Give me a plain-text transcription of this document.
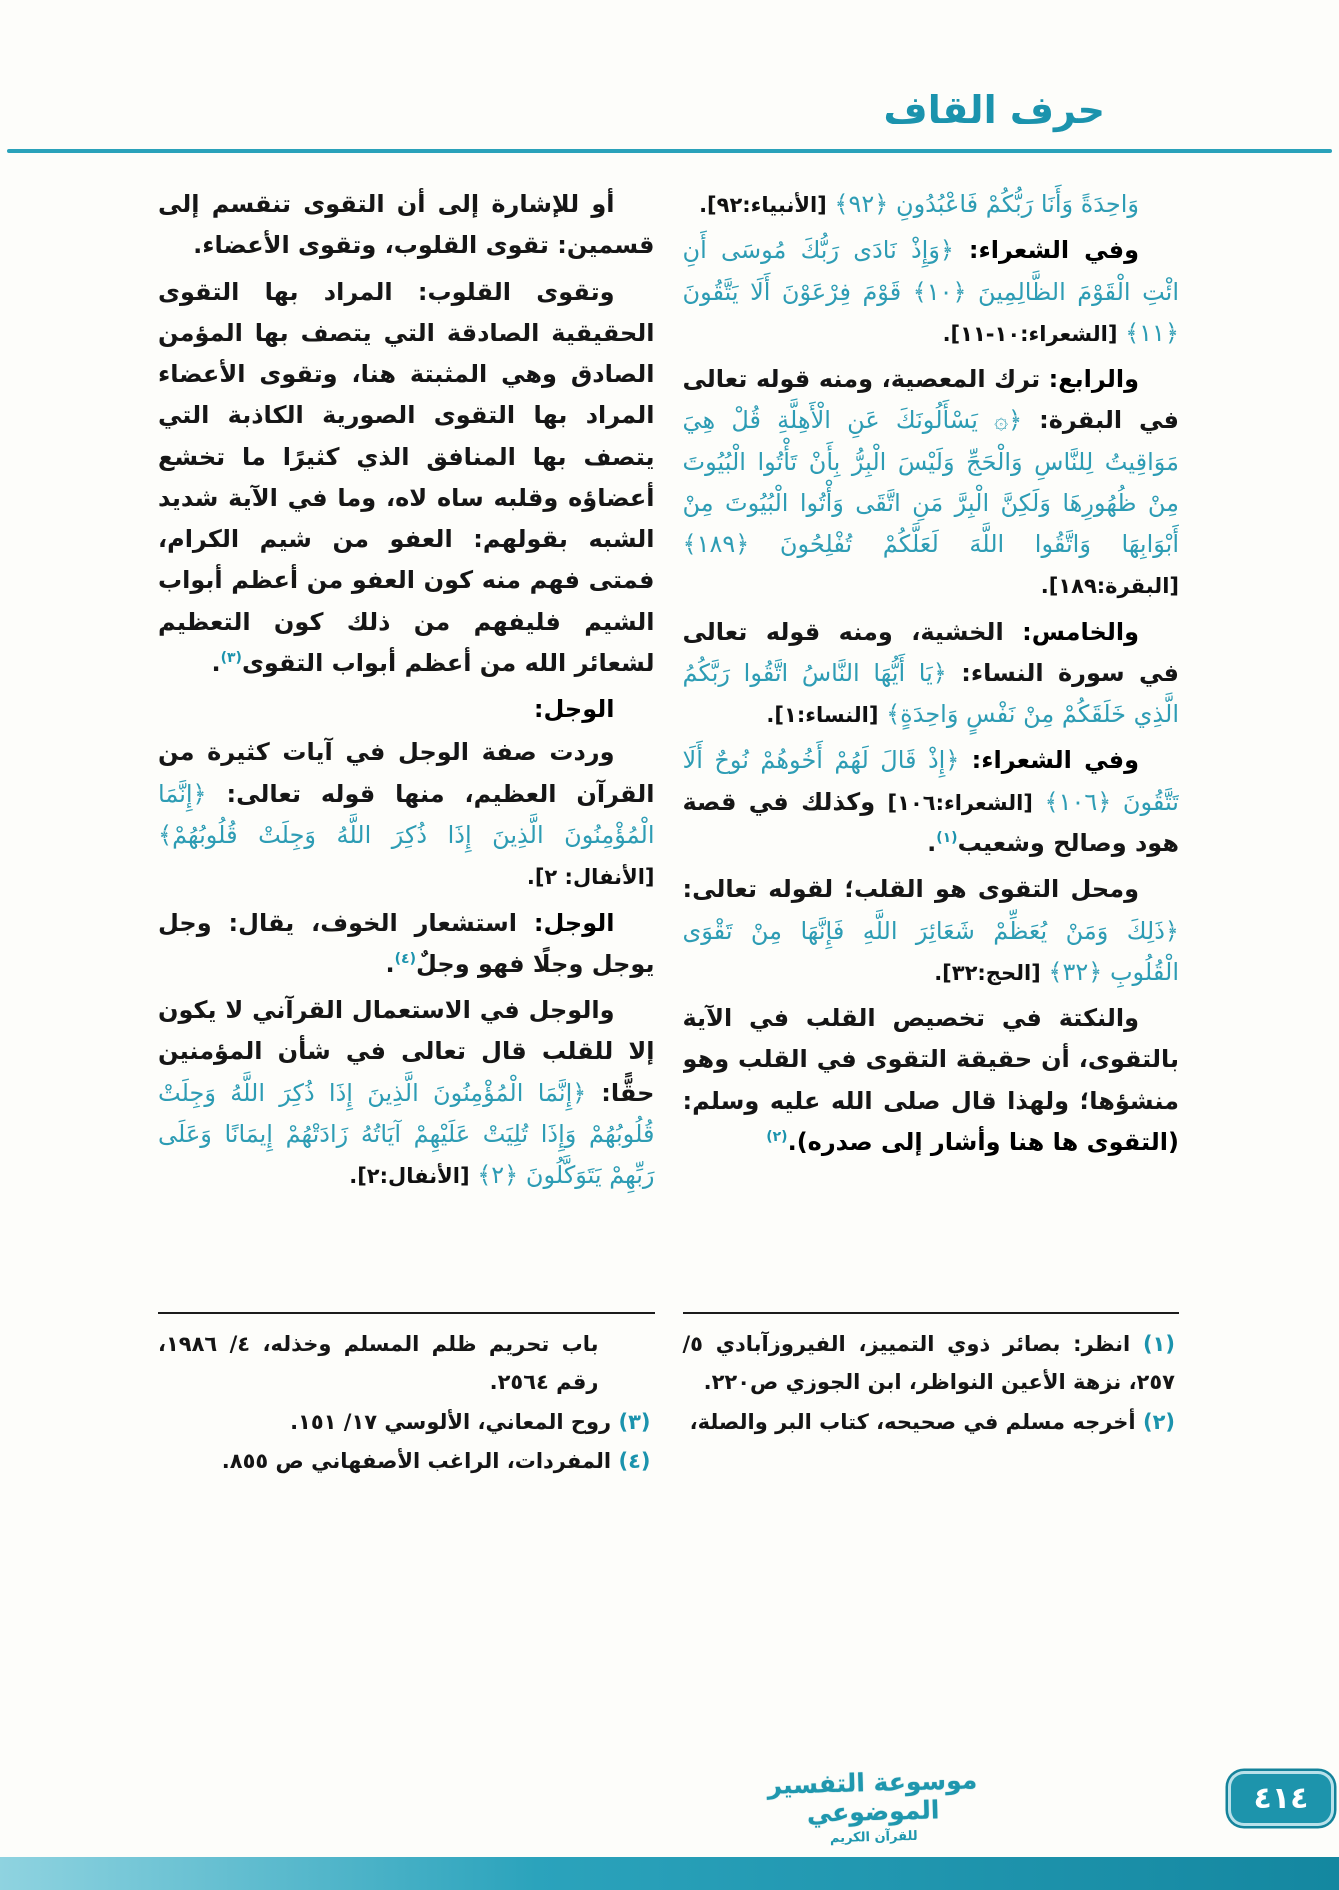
حرف القاف

وَاحِدَةً وَأَنَا رَبُّكُمْ فَاعْبُدُونِ ﴿٩٢﴾ [الأنبياء:٩٢].

وفي الشعراء: ﴿وَإِذْ نَادَى رَبُّكَ مُوسَى أَنِ ائْتِ الْقَوْمَ الظَّالِمِينَ ﴿١٠﴾ قَوْمَ فِرْعَوْنَ أَلَا يَتَّقُونَ ﴿١١﴾ [الشعراء:١٠-١١].

والرابع: ترك المعصية، ومنه قوله تعالى في البقرة: ﴿۞ يَسْأَلُونَكَ عَنِ الْأَهِلَّةِ قُلْ هِيَ مَوَاقِيتُ لِلنَّاسِ وَالْحَجِّ وَلَيْسَ الْبِرُّ بِأَنْ تَأْتُوا الْبُيُوتَ مِنْ ظُهُورِهَا وَلَكِنَّ الْبِرَّ مَنِ اتَّقَى وَأْتُوا الْبُيُوتَ مِنْ أَبْوَابِهَا وَاتَّقُوا اللَّهَ لَعَلَّكُمْ تُفْلِحُونَ ﴿١٨٩﴾ [البقرة:١٨٩].

والخامس: الخشية، ومنه قوله تعالى في سورة النساء: ﴿يَا أَيُّهَا النَّاسُ اتَّقُوا رَبَّكُمُ الَّذِي خَلَقَكُمْ مِنْ نَفْسٍ وَاحِدَةٍ﴾ [النساء:١].

وفي الشعراء: ﴿إِذْ قَالَ لَهُمْ أَخُوهُمْ نُوحٌ أَلَا تَتَّقُونَ ﴿١٠٦﴾ [الشعراء:١٠٦] وكذلك في قصة هود وصالح وشعيب$^{(١)}$.

ومحل التقوى هو القلب؛ لقوله تعالى: ﴿ذَلِكَ وَمَنْ يُعَظِّمْ شَعَائِرَ اللَّهِ فَإِنَّهَا مِنْ تَقْوَى الْقُلُوبِ ﴿٣٢﴾ [الحج:٣٢].

والنكتة في تخصيص القلب في الآية بالتقوى، أن حقيقة التقوى في القلب وهو منشؤها؛ ولهذا قال صلى الله عليه وسلم: (التقوى ها هنا وأشار إلى صدره).$^{(٢)}$

أو للإشارة إلى أن التقوى تنقسم إلى قسمين: تقوى القلوب، وتقوى الأعضاء.

وتقوى القلوب: المراد بها التقوى الحقيقية الصادقة التي يتصف بها المؤمن الصادق وهي المثبتة هنا، وتقوى الأعضاء المراد بها التقوى الصورية الكاذبة التي يتصف بها المنافق الذي كثيرًا ما تخشع أعضاؤه وقلبه ساه لاه، وما في الآية شديد الشبه بقولهم: العفو من شيم الكرام، فمتى فهم منه كون العفو من أعظم أبواب الشيم فليفهم من ذلك كون التعظيم لشعائر الله من أعظم أبواب التقوى$^{(٣)}$.

الوجل:

وردت صفة الوجل في آيات كثيرة من القرآن العظيم، منها قوله تعالى: ﴿إِنَّمَا الْمُؤْمِنُونَ الَّذِينَ إِذَا ذُكِرَ اللَّهُ وَجِلَتْ قُلُوبُهُمْ﴾ [الأنفال: ٢].

الوجل: استشعار الخوف، يقال: وجل يوجل وجلًا فهو وجلٌ$^{(٤)}$.

والوجل في الاستعمال القرآني لا يكون إلا للقلب قال تعالى في شأن المؤمنين حقًّا: ﴿إِنَّمَا الْمُؤْمِنُونَ الَّذِينَ إِذَا ذُكِرَ اللَّهُ وَجِلَتْ قُلُوبُهُمْ وَإِذَا تُلِيَتْ عَلَيْهِمْ آيَاتُهُ زَادَتْهُمْ إِيمَانًا وَعَلَى رَبِّهِمْ يَتَوَكَّلُونَ ﴿٢﴾ [الأنفال:٢].

(١) انظر: بصائر ذوي التمييز، الفيروزآبادي ٥/ ٢٥٧، نزهة الأعين النواظر، ابن الجوزي ص٢٢٠.

(٢) أخرجه مسلم في صحيحه، كتاب البر والصلة،

باب تحريم ظلم المسلم وخذله، ٤/ ١٩٨٦، رقم ٢٥٦٤.

(٣) روح المعاني، الألوسي ١٧/ ١٥١.

(٤) المفردات، الراغب الأصفهاني ص ٨٥٥.

موسوعة التفسير الموضوعي
للقرآن الكريم
٤١٤
